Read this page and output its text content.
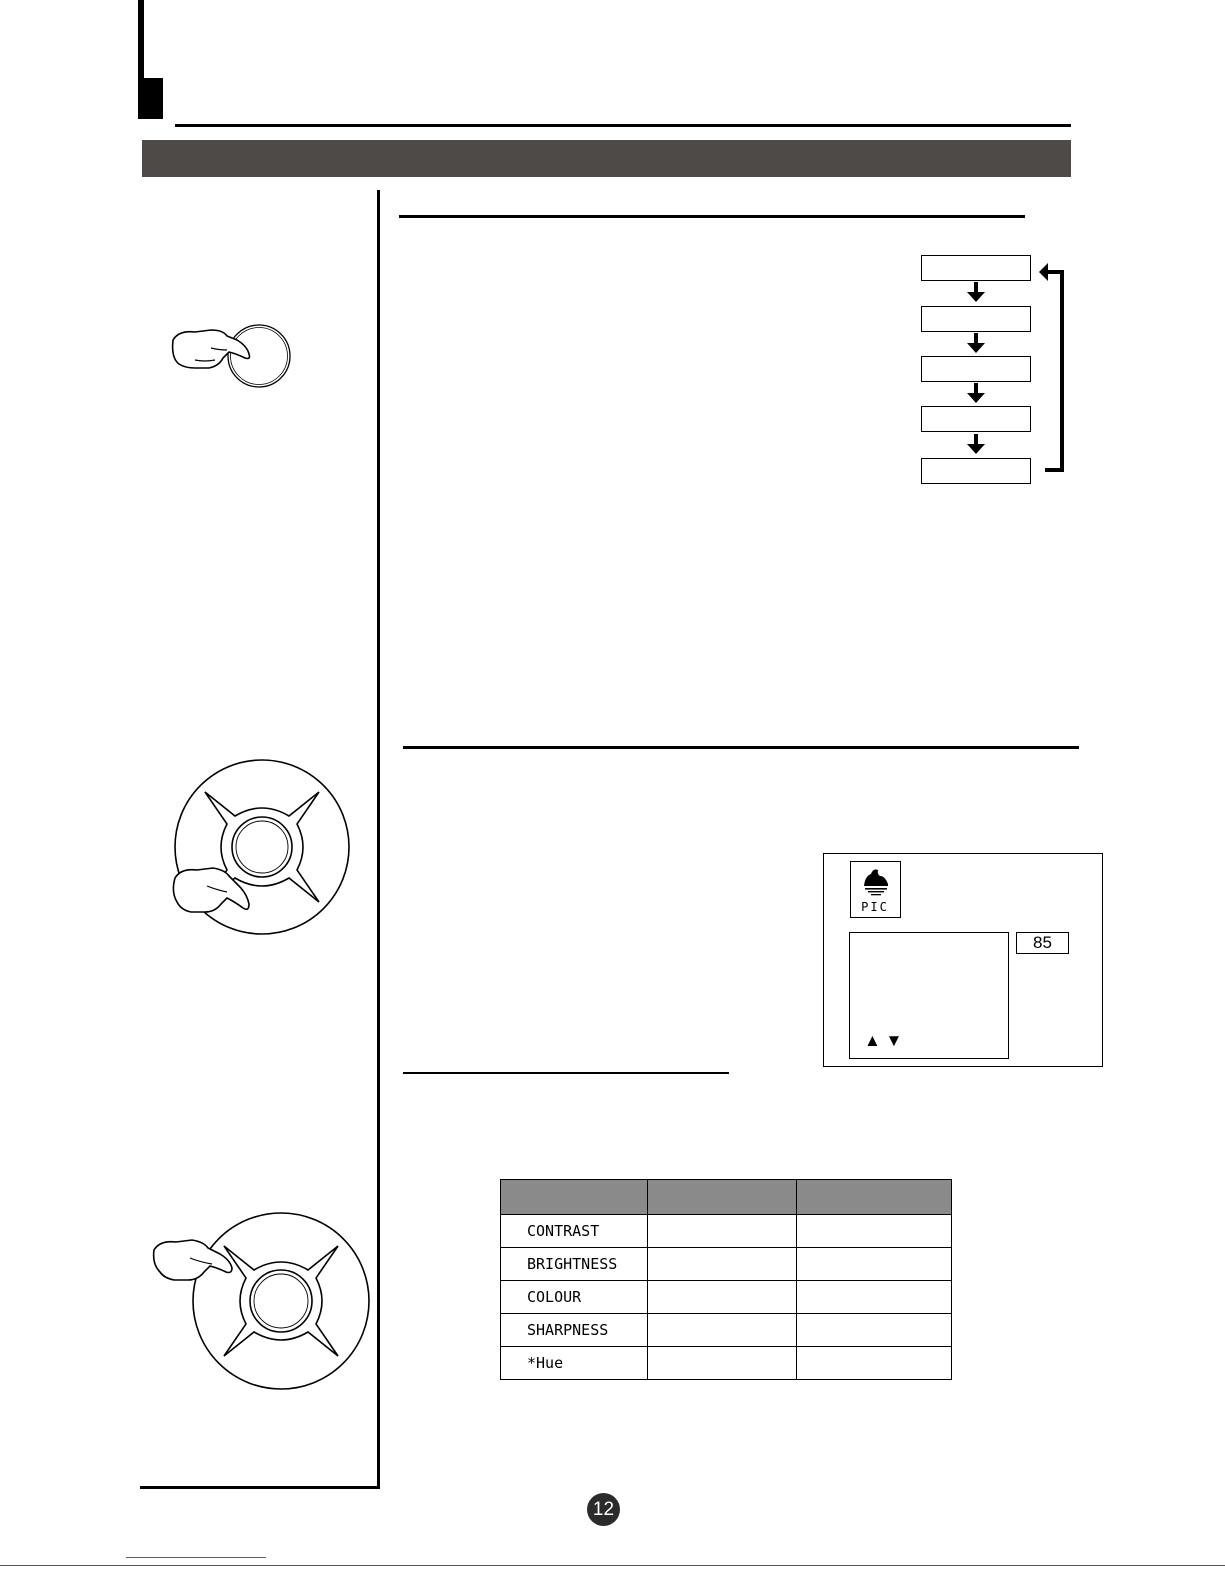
PIC
▲ ▼
85

CONTRAST		
BRIGHTNESS		
COLOUR		
SHARPNESS		
*Hue		
12
